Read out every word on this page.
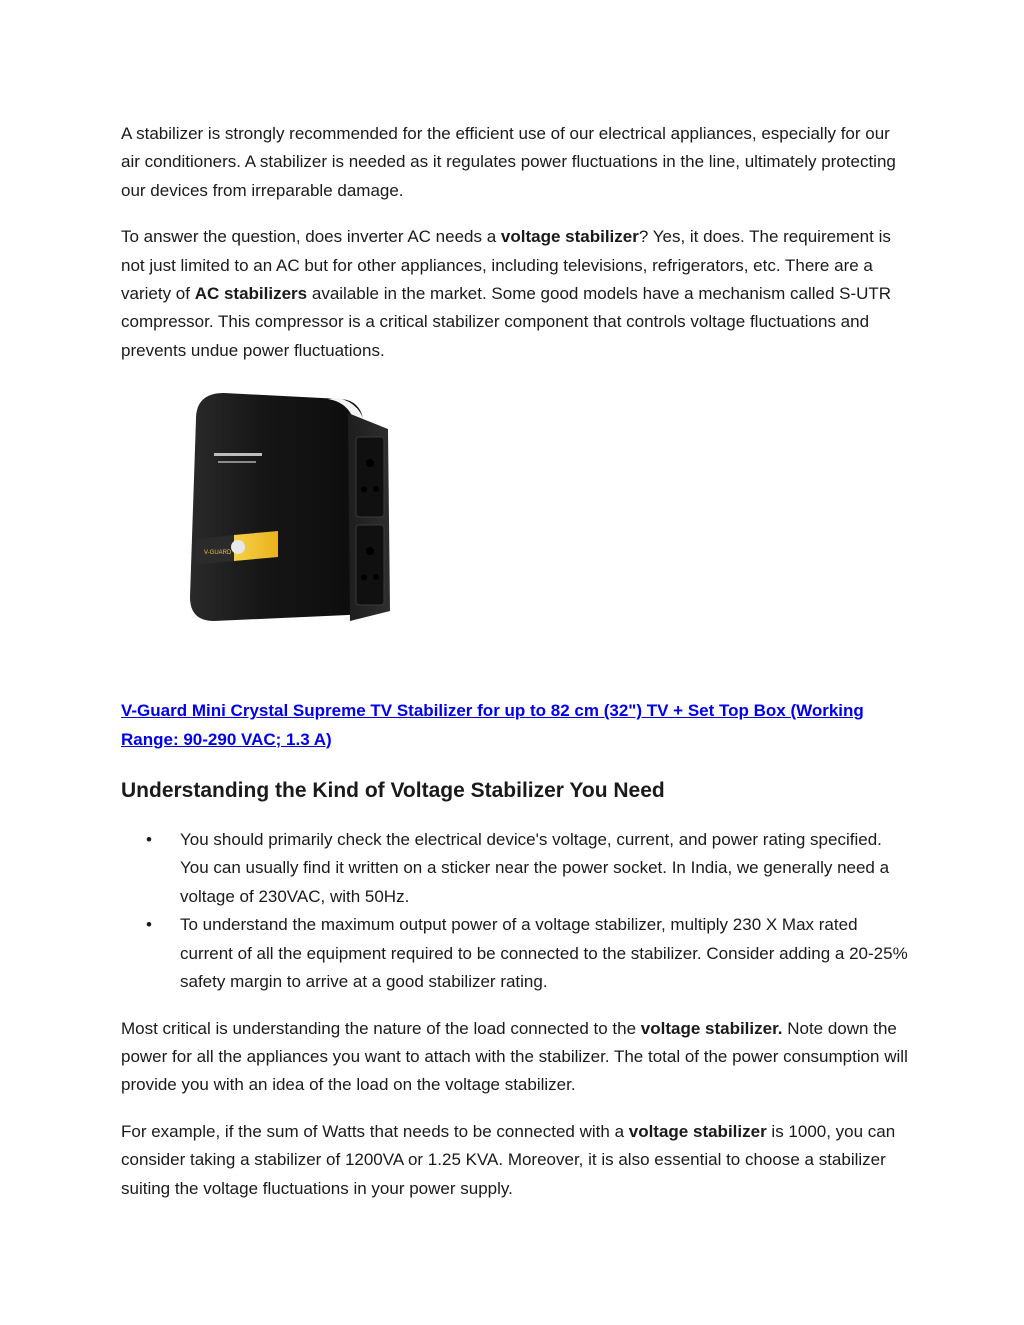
A stabilizer is strongly recommended for the efficient use of our electrical appliances, especially for our air conditioners. A stabilizer is needed as it regulates power fluctuations in the line, ultimately protecting our devices from irreparable damage.

To answer the question, does inverter AC needs a voltage stabilizer? Yes, it does. The requirement is not just limited to an AC but for other appliances, including televisions, refrigerators, etc. There are a variety of AC stabilizers available in the market. Some good models have a mechanism called S-UTR compressor. This compressor is a critical stabilizer component that controls voltage fluctuations and prevents undue power fluctuations.

V-GUARD

V-Guard Mini Crystal Supreme TV Stabilizer for up to 82 cm (32") TV + Set Top Box (Working Range: 90-290 VAC; 1.3 A)

Understanding the Kind of Voltage Stabilizer You Need
• You should primarily check the electrical device's voltage, current, and power rating specified. You can usually find it written on a sticker near the power socket. In India, we generally need a voltage of 230VAC, with 50Hz.
• To understand the maximum output power of a voltage stabilizer, multiply 230 X Max rated current of all the equipment required to be connected to the stabilizer. Consider adding a 20-25% safety margin to arrive at a good stabilizer rating.

Most critical is understanding the nature of the load connected to the voltage stabilizer. Note down the power for all the appliances you want to attach with the stabilizer. The total of the power consumption will provide you with an idea of the load on the voltage stabilizer.

For example, if the sum of Watts that needs to be connected with a voltage stabilizer is 1000, you can consider taking a stabilizer of 1200VA or 1.25 KVA. Moreover, it is also essential to choose a stabilizer suiting the voltage fluctuations in your power supply.
